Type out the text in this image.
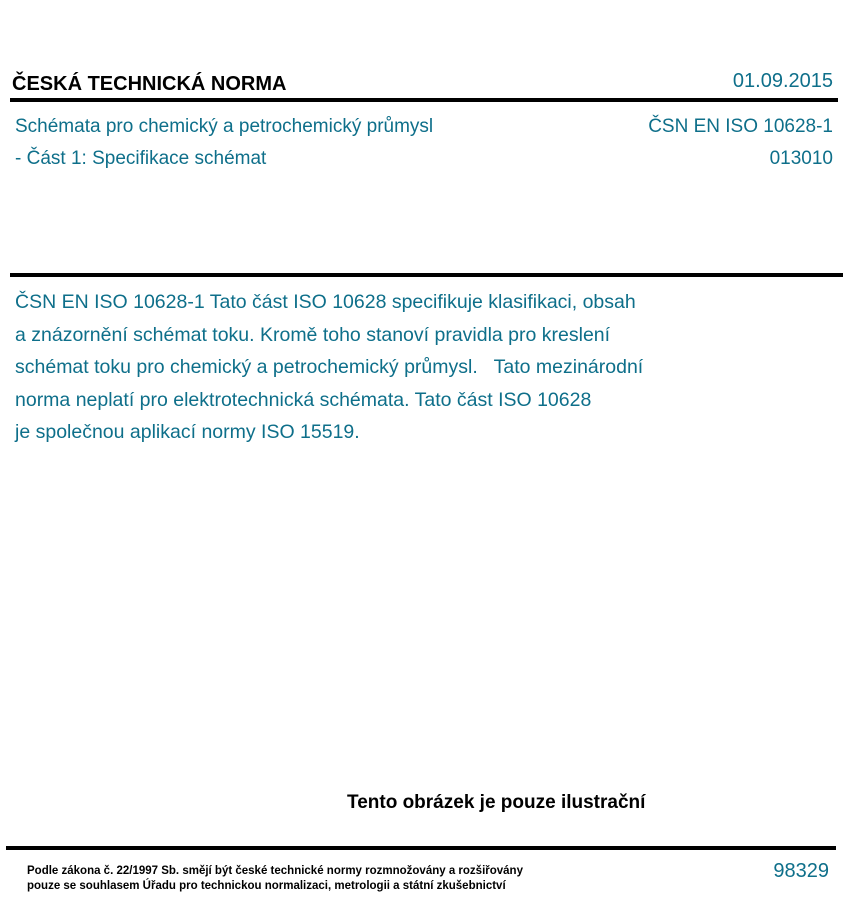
ČESKÁ TECHNICKÁ NORMA	01.09.2015
Schémata pro chemický a petrochemický průmysl
- Část 1: Specifikace schémat
ČSN EN ISO 10628-1
013010
ČSN EN ISO 10628-1 Tato část ISO 10628 specifikuje klasifikaci, obsah
a znázornění schémat toku. Kromě toho stanoví pravidla pro kreslení
schémat toku pro chemický a petrochemický průmysl.   Tato mezinárodní
norma neplatí pro elektrotechnická schémata. Tato část ISO 10628
je společnou aplikací normy ISO 15519.
Tento obrázek je pouze ilustrační
Podle zákona č. 22/1997 Sb. smějí být české technické normy rozmnožovány a rozšiřovány
pouze se souhlasem Úřadu pro technickou normalizaci, metrologii a státní zkušebnictví
98329
